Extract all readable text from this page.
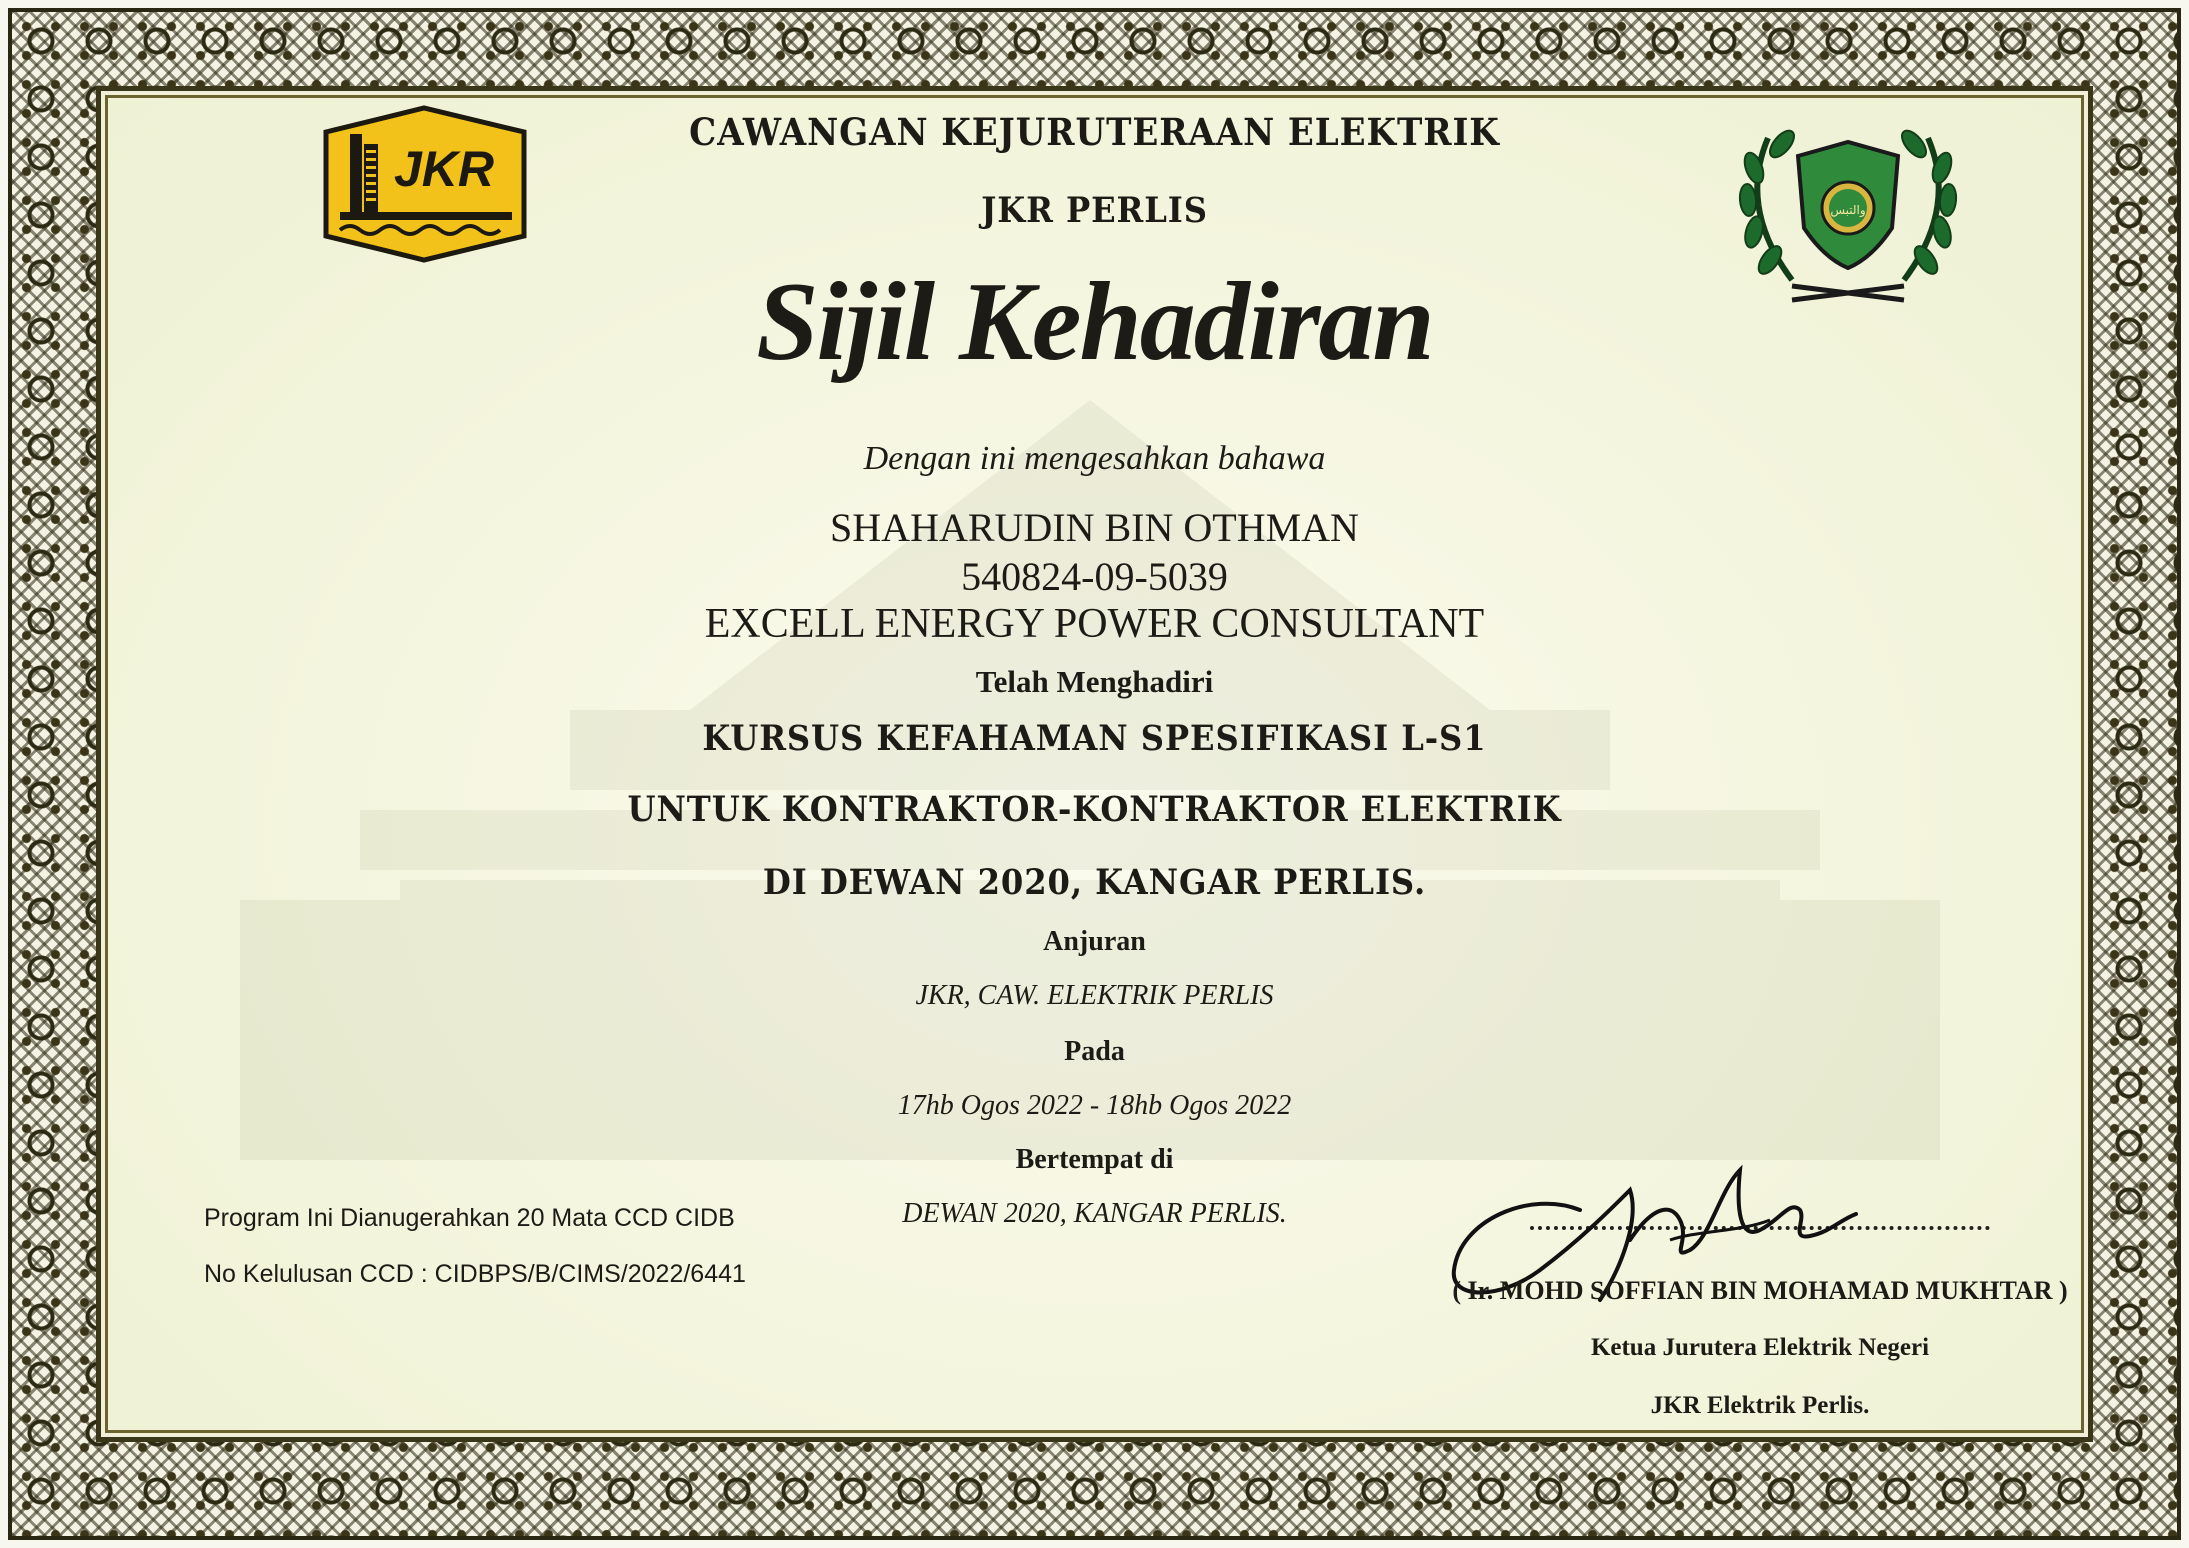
JKR
والتبس
CAWANGAN KEJURUTERAAN ELEKTRIK
JKR PERLIS
Sijil Kehadiran
Dengan ini mengesahkan bahawa
SHAHARUDIN BIN OTHMAN
540824-09-5039
EXCELL ENERGY POWER CONSULTANT
Telah Menghadiri
KURSUS KEFAHAMAN SPESIFIKASI L-S1
UNTUK KONTRAKTOR-KONTRAKTOR ELEKTRIK
DI DEWAN 2020, KANGAR PERLIS.
Anjuran
JKR, CAW. ELEKTRIK PERLIS
Pada
17hb Ogos 2022 - 18hb Ogos 2022
Bertempat di
DEWAN 2020, KANGAR PERLIS.
Program Ini Dianugerahkan 20 Mata CCD CIDB
No Kelulusan CCD : CIDBPS/B/CIMS/2022/6441
( Ir. MOHD SOFFIAN BIN MOHAMAD MUKHTAR )
Ketua Jurutera Elektrik Negeri
JKR Elektrik Perlis.
